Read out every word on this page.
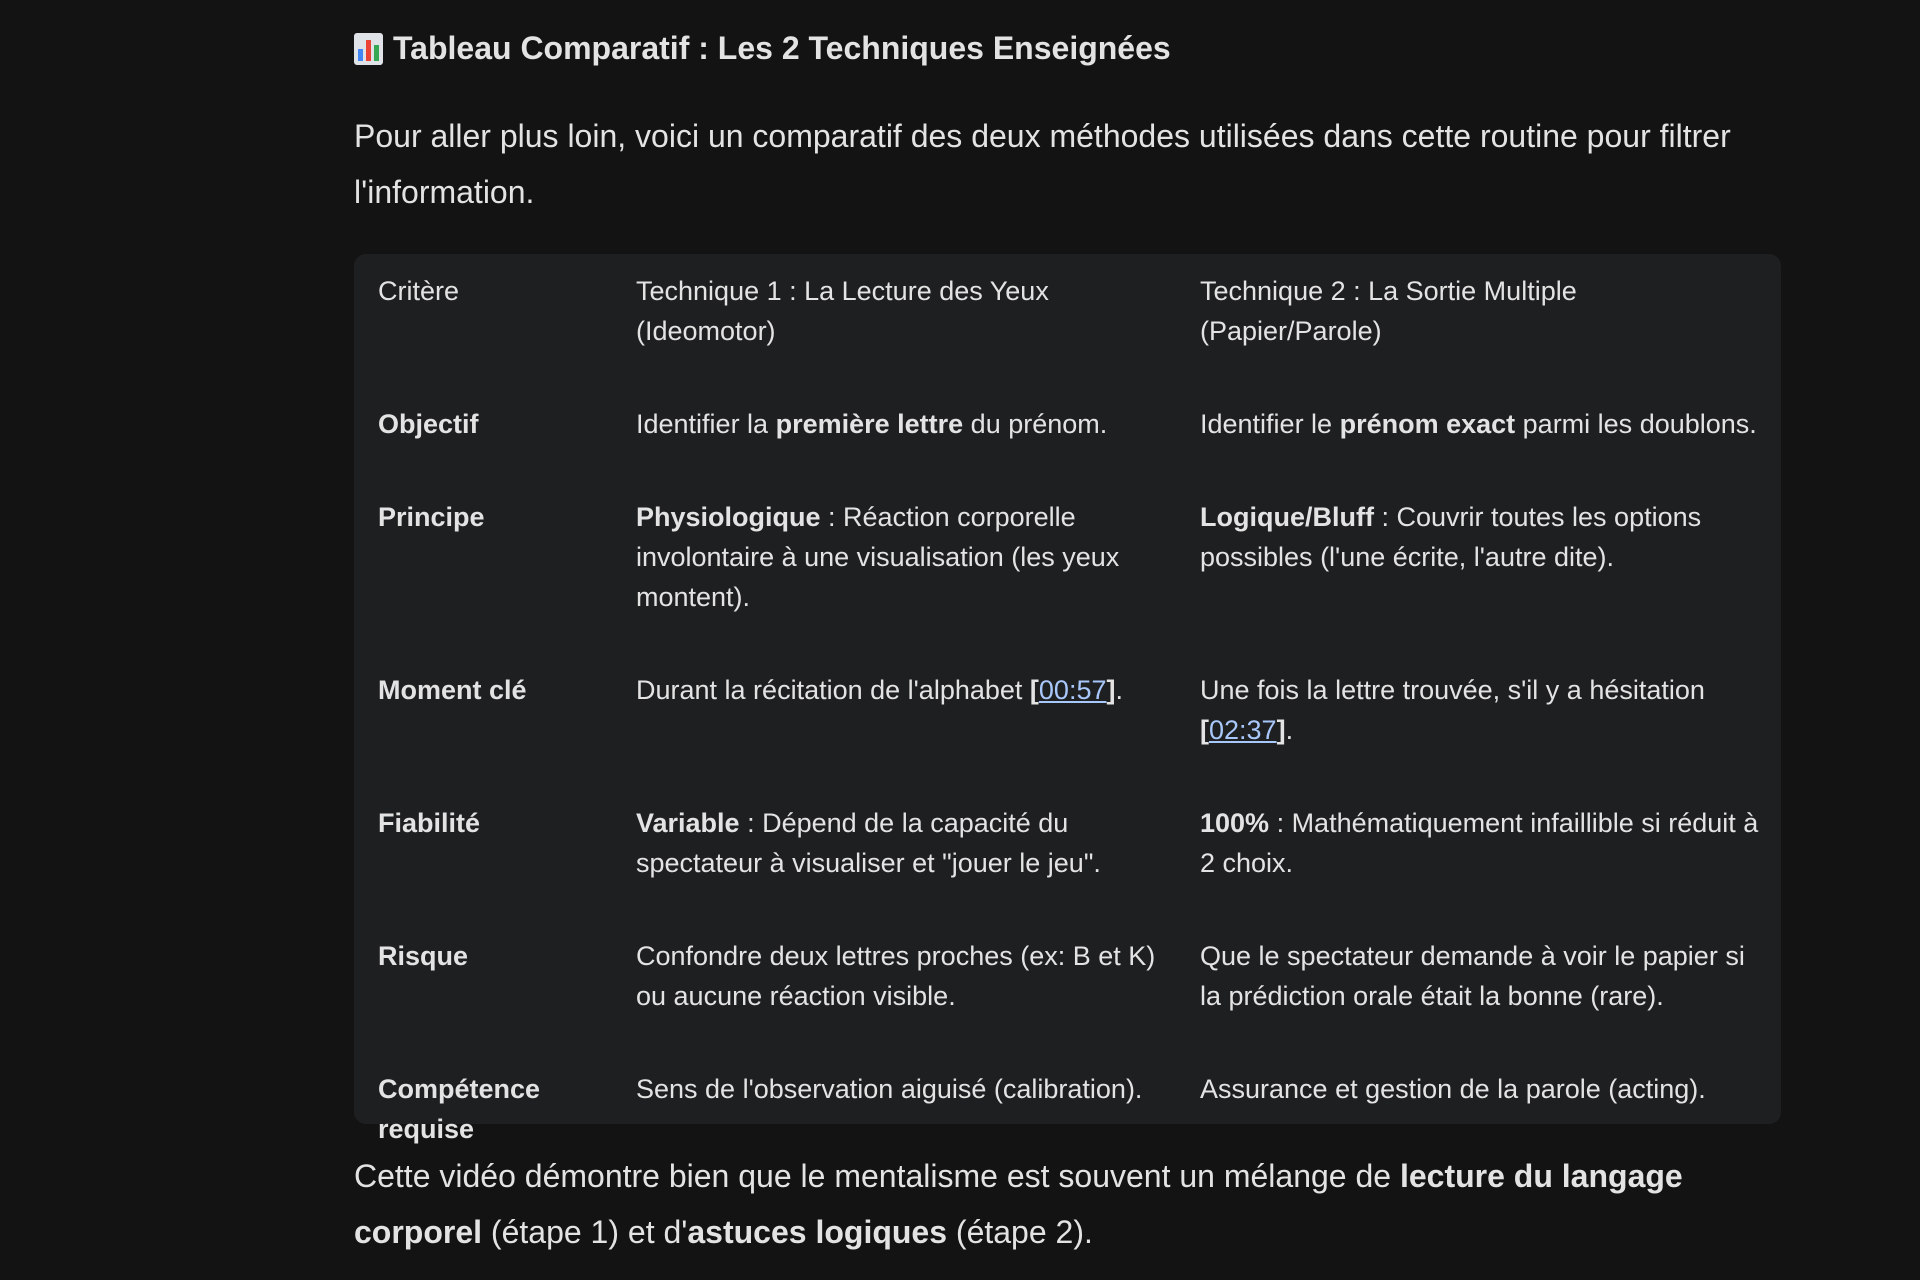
Tableau Comparatif : Les 2 Techniques Enseignées
Pour aller plus loin, voici un comparatif des deux méthodes utilisées dans cette routine pour filtrer l'information.
Critère	Technique 1 : La Lecture des Yeux (Ideomotor)	Technique 2 : La Sortie Multiple (Papier/Parole)
Objectif	Identifier la première lettre du prénom.	Identifier le prénom exact parmi les doublons.
Principe	Physiologique : Réaction corporelle involontaire à une visualisation (les yeux montent).	Logique/Bluff : Couvrir toutes les options possibles (l'une écrite, l'autre dite).
Moment clé	Durant la récitation de l'alphabet [00:57].	Une fois la lettre trouvée, s'il y a hésitation [02:37].
Fiabilité	Variable : Dépend de la capacité du spectateur à visualiser et "jouer le jeu".	100% : Mathématiquement infaillible si réduit à 2 choix.
Risque	Confondre deux lettres proches (ex: B et K) ou aucune réaction visible.	Que le spectateur demande à voir le papier si la prédiction orale était la bonne (rare).
Compétence requise	Sens de l'observation aiguisé (calibration).	Assurance et gestion de la parole (acting).
Cette vidéo démontre bien que le mentalisme est souvent un mélange de lecture du langage corporel (étape 1) et d'astuces logiques (étape 2).
